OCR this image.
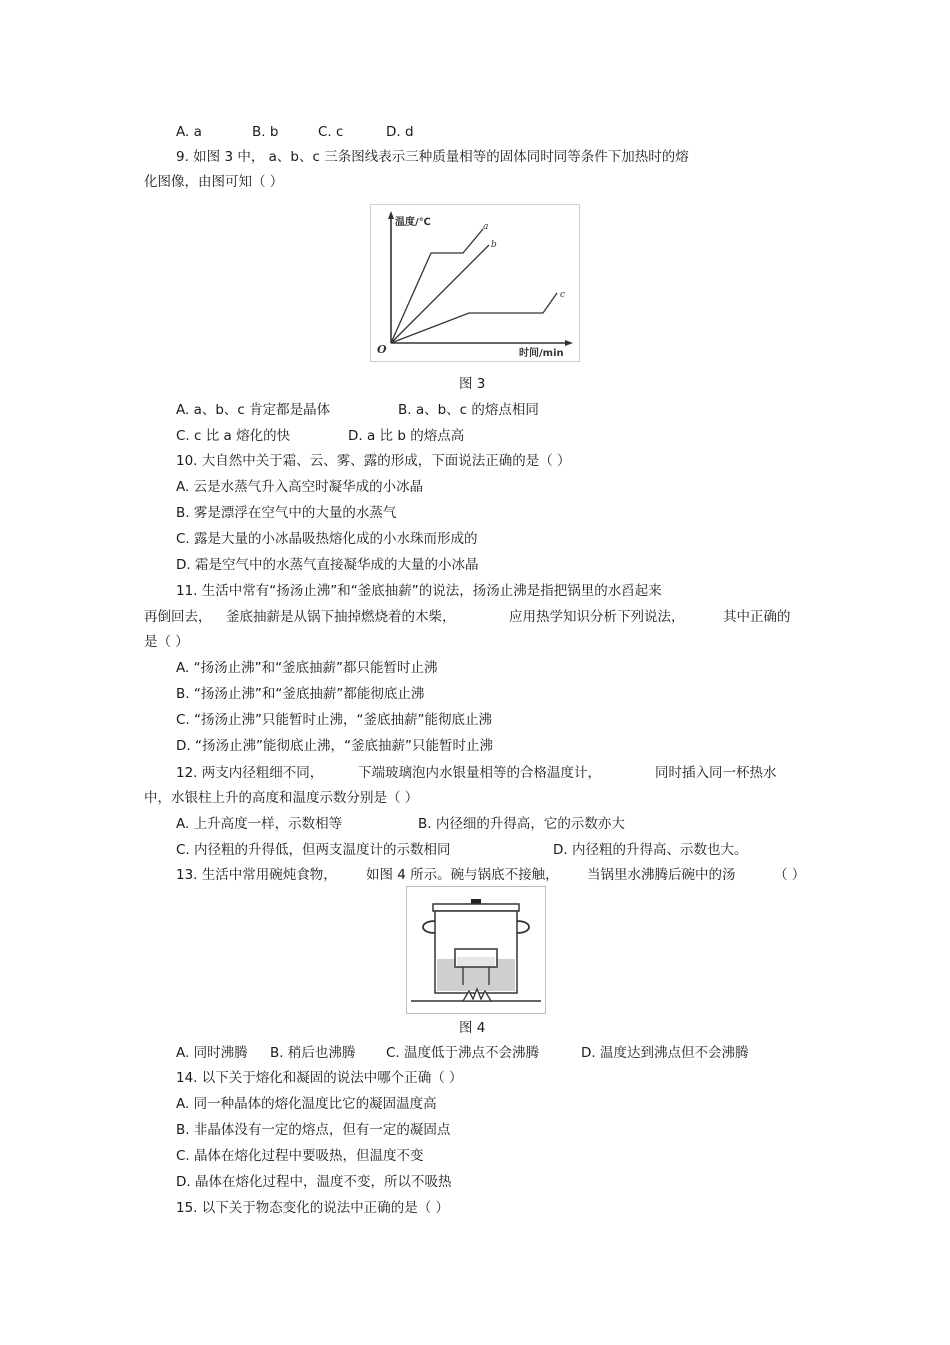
A. a	B. b	C. c	D. d
9. 如图 3 中， a、b、c 三条图线表示三种质量相等的固体同时同等条件下加热时的熔
化图像，由图可知（ ）
温度/℃
时间/min
O
a
b
c
图 3
A. a、b、c 肯定都是晶体	B. a、b、c 的熔点相同
C. c 比 a 熔化的快	D. a 比 b 的熔点高
10. 大自然中关于霜、云、雾、露的形成，下面说法正确的是（ ）
A. 云是水蒸气升入高空时凝华成的小冰晶
B. 雾是漂浮在空气中的大量的水蒸气
C. 露是大量的小冰晶吸热熔化成的小水珠而形成的
D. 霜是空气中的水蒸气直接凝华成的大量的小冰晶
11. 生活中常有“扬汤止沸”和“釜底抽薪”的说法，扬汤止沸是指把锅里的水舀起来
再倒回去， 釜底抽薪是从锅下抽掉燃烧着的木柴，	应用热学知识分析下列说法，	其中正确的
是（ ）
A. “扬汤止沸”和“釜底抽薪”都只能暂时止沸
B. “扬汤止沸”和“釜底抽薪”都能彻底止沸
C. “扬汤止沸”只能暂时止沸，“釜底抽薪”能彻底止沸
D. “扬汤止沸”能彻底止沸，“釜底抽薪”只能暂时止沸
12. 两支内径粗细不同，	下端玻璃泡内水银量相等的合格温度计，	同时插入同一杯热水
中，水银柱上升的高度和温度示数分别是（ ）
A. 上升高度一样，示数相等	B. 内径细的升得高，它的示数亦大
C. 内径粗的升得低，但两支温度计的示数相同	D. 内径粗的升得高、示数也大。
13. 生活中常用碗炖食物， 如图 4 所示。碗与锅底不接触， 当锅里水沸腾后碗中的汤	（ ）
图 4
A. 同时沸腾 B. 稍后也沸腾 C. 温度低于沸点不会沸腾	D. 温度达到沸点但不会沸腾
14. 以下关于熔化和凝固的说法中哪个正确（ ）
A. 同一种晶体的熔化温度比它的凝固温度高
B. 非晶体没有一定的熔点，但有一定的凝固点
C. 晶体在熔化过程中要吸热，但温度不变
D. 晶体在熔化过程中，温度不变，所以不吸热
15. 以下关于物态变化的说法中正确的是（ ）
